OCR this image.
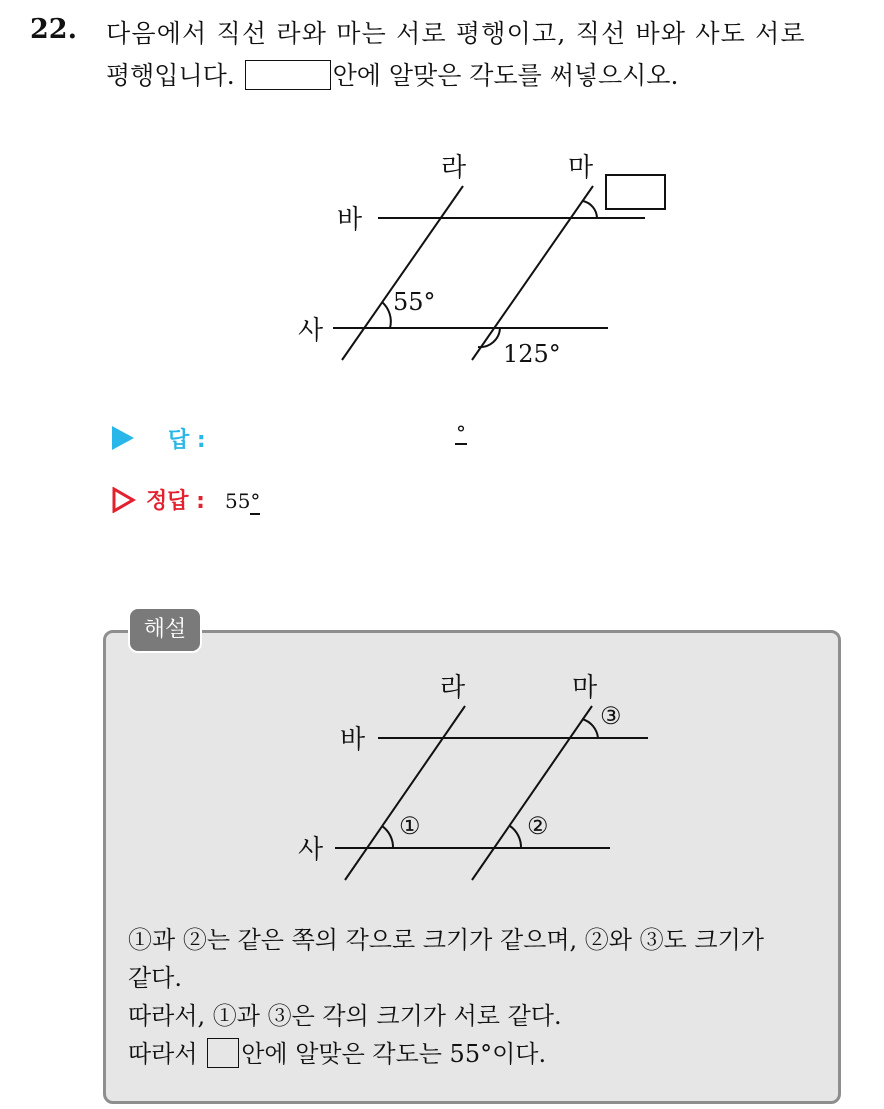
22. 다음에서 직선 라와 마는 서로 평행이고, 직선 바와 사도 서로
평행입니다.	안에 알맞은 각도를 써넣으시오.
라	마
바
사
55°
125°
답 :	°
정답 : 55°
해설
라	마
바
사
①	②
③
①과 ②는 같은 쪽의 각으로 크기가 같으며, ②와 ③도 크기가
같다.
따라서, ①과 ③은 각의 크기가 서로 같다.
따라서 안에 알맞은 각도는 55°이다.
